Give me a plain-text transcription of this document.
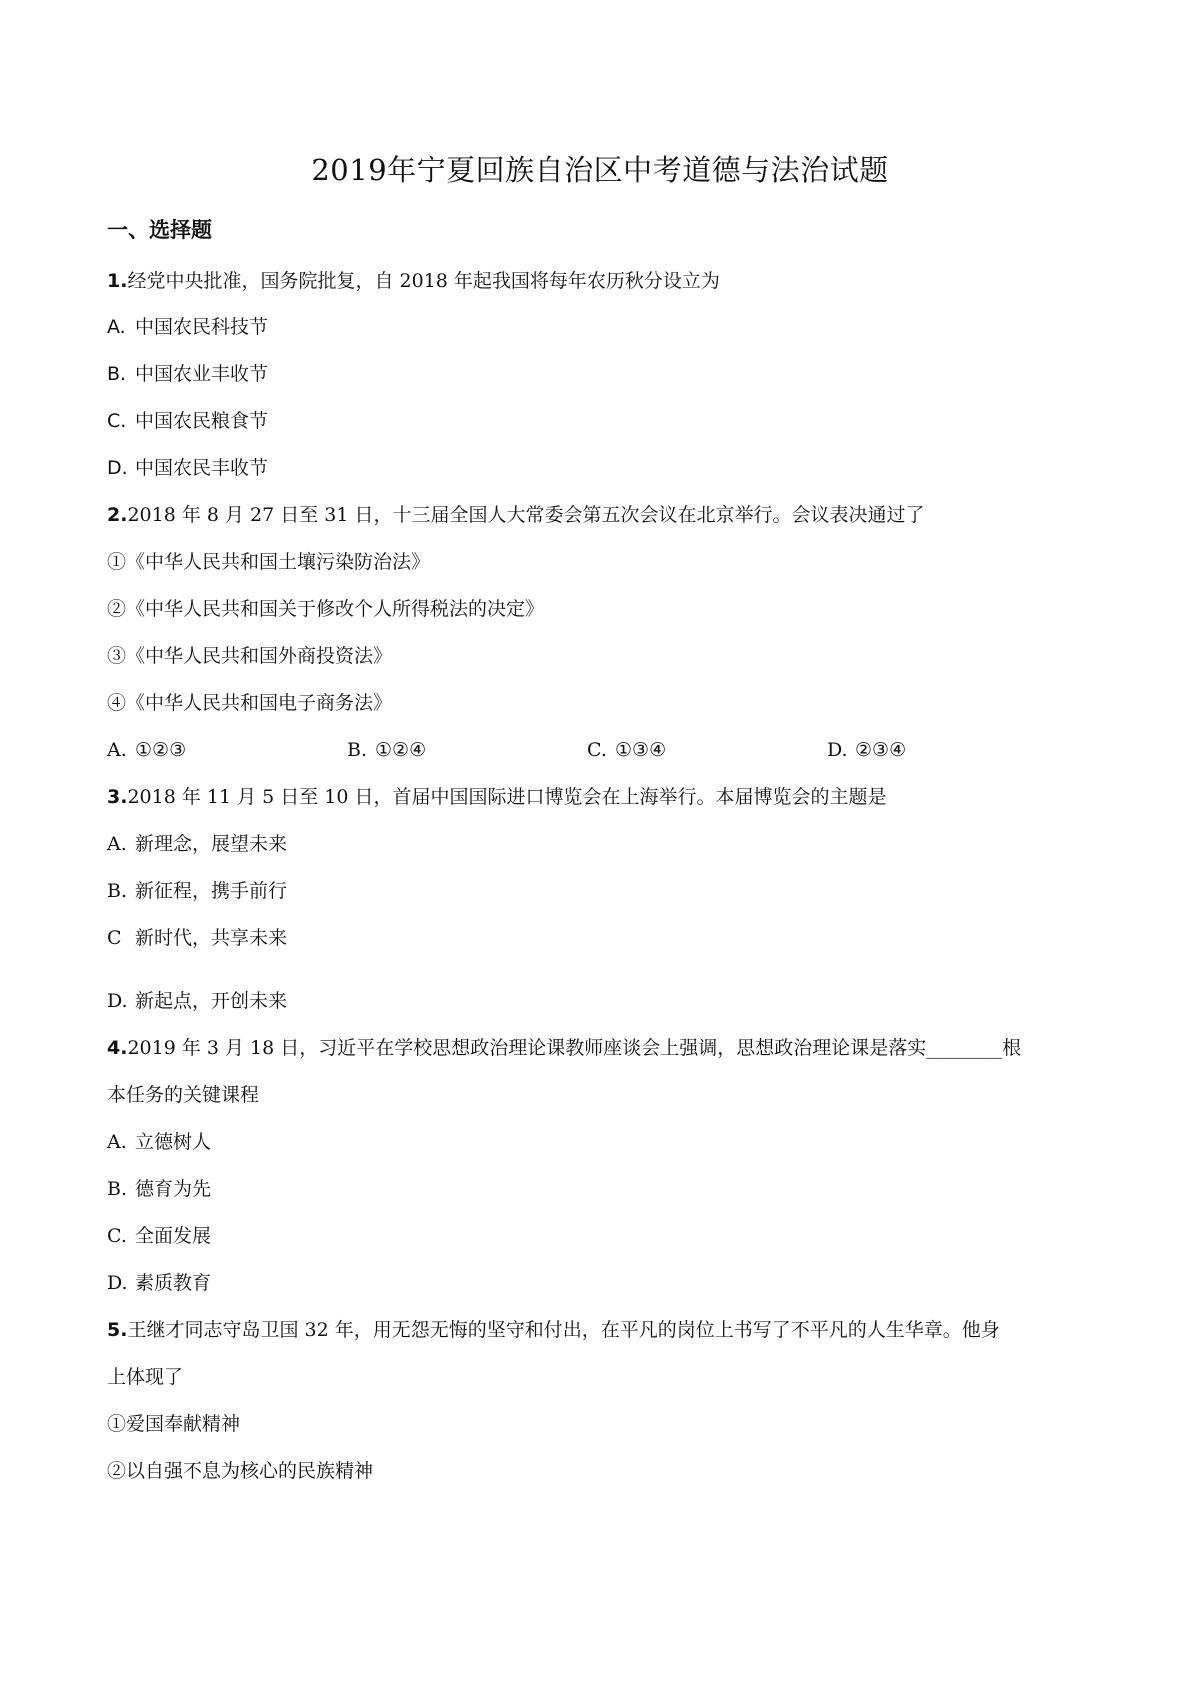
2019年宁夏回族自治区中考道德与法治试题
一、选择题
1.经党中央批准，国务院批复，自 2018 年起我国将每年农历秋分设立为
A. 中国农民科技节
B. 中国农业丰收节
C. 中国农民粮食节
D. 中国农民丰收节
2.2018 年 8 月 27 日至 31 日，十三届全国人大常委会第五次会议在北京举行。会议表决通过了
①《中华人民共和国土壤污染防治法》
②《中华人民共和国关于修改个人所得税法的决定》
③《中华人民共和国外商投资法》
④《中华人民共和国电子商务法》
A. ①②③	B. ①②④	C. ①③④	D. ②③④
3.2018 年 11 月 5 日至 10 日，首届中国国际进口博览会在上海举行。本届博览会的主题是
A. 新理念，展望未来
B. 新征程，携手前行
C 新时代，共享未来
D. 新起点，开创未来
4.2019 年 3 月 18 日，习近平在学校思想政治理论课教师座谈会上强调，思想政治理论课是落实________根
本任务的关键课程
A. 立德树人
B. 德育为先
C. 全面发展
D. 素质教育
5.王继才同志守岛卫国 32 年，用无怨无悔的坚守和付出，在平凡的岗位上书写了不平凡的人生华章。他身
上体现了
①爱国奉献精神
②以自强不息为核心的民族精神
